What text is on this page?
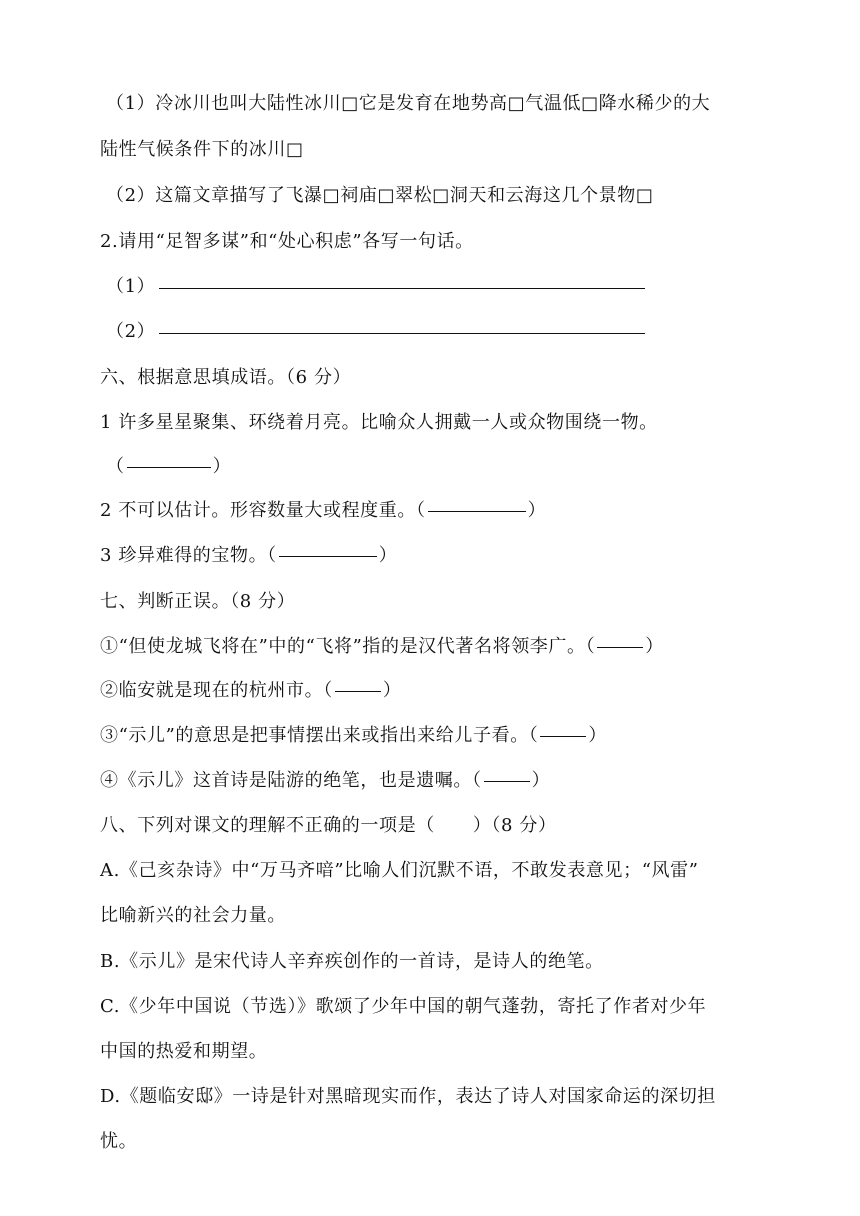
（1）冷冰川也叫大陆性冰川□它是发育在地势高□气温低□降水稀少的大
陆性气候条件下的冰川□
（2）这篇文章描写了飞瀑□祠庙□翠松□洞天和云海这几个景物□
2.请用“足智多谋”和“处心积虑”各写一句话。
（1）
（2）
六、根据意思填成语。（6 分）
1 许多星星聚集、环绕着月亮。比喻众人拥戴一人或众物围绕一物。
（	）
2 不可以估计。形容数量大或程度重。（	）
3 珍异难得的宝物。（	）
七、判断正误。（8 分）
①“但使龙城飞将在”中的“飞将”指的是汉代著名将领李广。（	）
②临安就是现在的杭州市。（	）
③“示儿”的意思是把事情摆出来或指出来给儿子看。（	）
④《示儿》这首诗是陆游的绝笔，也是遗嘱。（	）
八、下列对课文的理解不正确的一项是（ ）（8 分）
A.《己亥杂诗》中“万马齐喑”比喻人们沉默不语，不敢发表意见；“风雷”
比喻新兴的社会力量。
B.《示儿》是宋代诗人辛弃疾创作的一首诗，是诗人的绝笔。
C.《少年中国说（节选）》歌颂了少年中国的朝气蓬勃，寄托了作者对少年
中国的热爱和期望。
D.《题临安邸》一诗是针对黑暗现实而作，表达了诗人对国家命运的深切担
忧。
